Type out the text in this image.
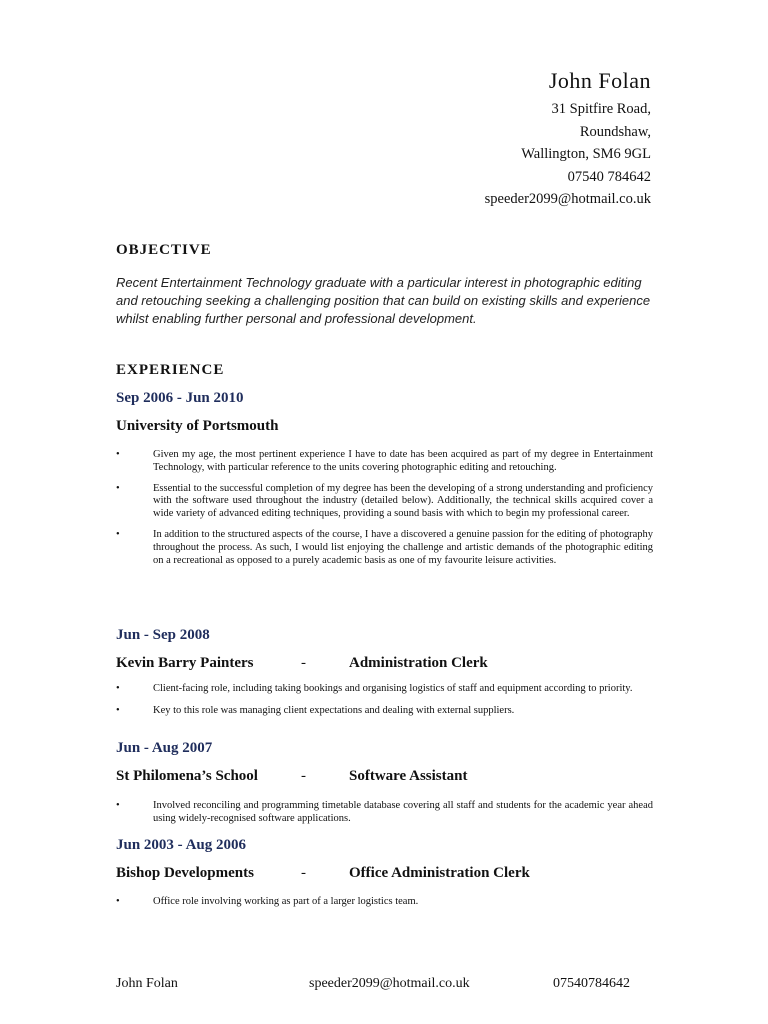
John Folan
31 Spitfire Road,
Roundshaw,
Wallington, SM6 9GL
07540 784642
speeder2099@hotmail.co.uk
OBJECTIVE
Recent Entertainment Technology graduate with a particular interest in photographic editing and retouching seeking a challenging position that can build on existing skills and experience whilst enabling further personal and professional development.
EXPERIENCE
Sep 2006 - Jun 2010
University of Portsmouth
• Given my age, the most pertinent experience I have to date has been acquired as part of my degree in Entertainment Technology, with particular reference to the units covering photographic editing and retouching.
• Essential to the successful completion of my degree has been the developing of a strong understanding and proficiency with the software used throughout the industry (detailed below). Additionally, the technical skills acquired cover a wide variety of advanced editing techniques, providing a sound basis with which to begin my professional career.
• In addition to the structured aspects of the course, I have a discovered a genuine passion for the editing of photography throughout the process. As such, I would list enjoying the challenge and artistic demands of the photographic editing on a recreational as opposed to a purely academic basis as one of my favourite leisure activities.
Jun - Sep 2008
Kevin Barry Painters	-	Administration Clerk
• Client-facing role, including taking bookings and organising logistics of staff and equipment according to priority.
• Key to this role was managing client expectations and dealing with external suppliers.
Jun - Aug 2007
St Philomena’s School	-	Software Assistant
• Involved reconciling and programming timetable database covering all staff and students for the academic year ahead using widely-recognised software applications.
Jun 2003 - Aug 2006
Bishop Developments	-	Office Administration Clerk
• Office role involving working as part of a larger logistics team.
John Folan	speeder2099@hotmail.co.uk	07540784642
